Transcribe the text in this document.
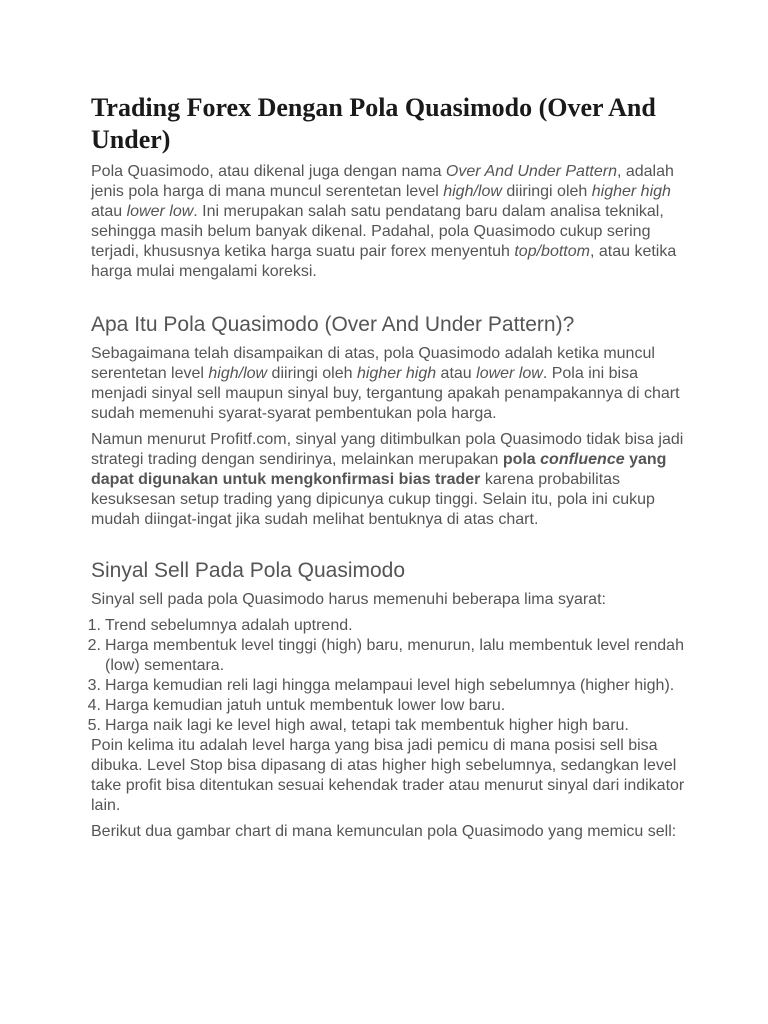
Trading Forex Dengan Pola Quasimodo (Over And Under)

Pola Quasimodo, atau dikenal juga dengan nama Over And Under Pattern, adalah jenis pola harga di mana muncul serentetan level high/low diiringi oleh higher high atau lower low. Ini merupakan salah satu pendatang baru dalam analisa teknikal, sehingga masih belum banyak dikenal. Padahal, pola Quasimodo cukup sering terjadi, khususnya ketika harga suatu pair forex menyentuh top/bottom, atau ketika harga mulai mengalami koreksi.

Apa Itu Pola Quasimodo (Over And Under Pattern)?

Sebagaimana telah disampaikan di atas, pola Quasimodo adalah ketika muncul serentetan level high/low diiringi oleh higher high atau lower low. Pola ini bisa menjadi sinyal sell maupun sinyal buy, tergantung apakah penampakannya di chart sudah memenuhi syarat-syarat pembentukan pola harga.

Namun menurut Profitf.com, sinyal yang ditimbulkan pola Quasimodo tidak bisa jadi strategi trading dengan sendirinya, melainkan merupakan pola confluence yang dapat digunakan untuk mengkonfirmasi bias trader karena probabilitas kesuksesan setup trading yang dipicunya cukup tinggi. Selain itu, pola ini cukup mudah diingat-ingat jika sudah melihat bentuknya di atas chart.

Sinyal Sell Pada Pola Quasimodo

Sinyal sell pada pola Quasimodo harus memenuhi beberapa lima syarat:

1. Trend sebelumnya adalah uptrend.
2. Harga membentuk level tinggi (high) baru, menurun, lalu membentuk level rendah (low) sementara.
3. Harga kemudian reli lagi hingga melampaui level high sebelumnya (higher high).
4. Harga kemudian jatuh untuk membentuk lower low baru.
5. Harga naik lagi ke level high awal, tetapi tak membentuk higher high baru.

Poin kelima itu adalah level harga yang bisa jadi pemicu di mana posisi sell bisa dibuka. Level Stop bisa dipasang di atas higher high sebelumnya, sedangkan level take profit bisa ditentukan sesuai kehendak trader atau menurut sinyal dari indikator lain.

Berikut dua gambar chart di mana kemunculan pola Quasimodo yang memicu sell:
